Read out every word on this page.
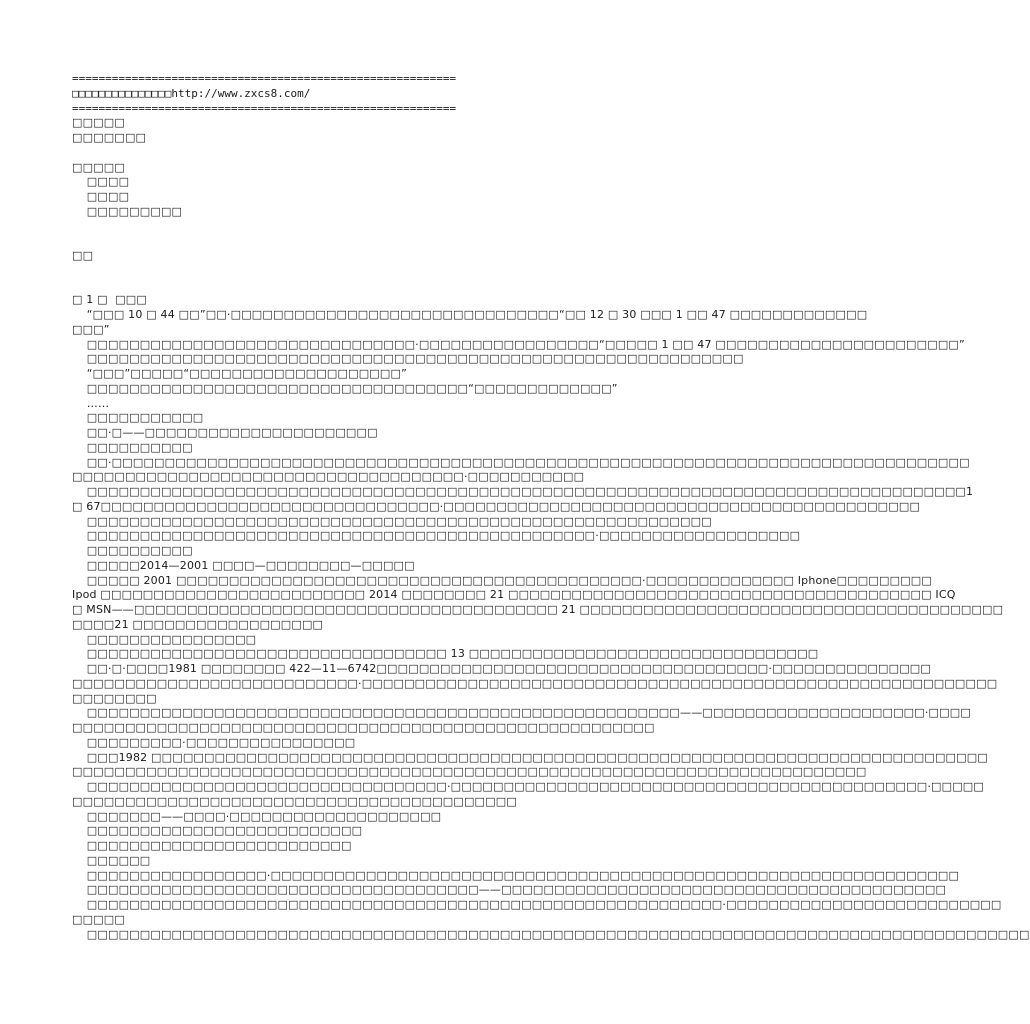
==========================================================
□□□□□□□□□□□□□□□http://www.zxcs8.com/
==========================================================
□□□□□
□□□□□□□
□□□□□
□□□□
□□□□
□□□□□□□□□
□□
□ 1 □  □□□
“□□□ 10 □ 44 □□”□□·□□□□□□□□□□□□□□□□□□□□□□□□□□□□□□□“□□ 12 □ 30 □□□ 1 □□ 47 □□□□□□□□□□□□□
□□□”
□□□□□□□□□□□□□□□□□□□□□□□□□□□□□□□·□□□□□□□□□□□□□□□□□“□□□□□ 1 □□ 47 □□□□□□□□□□□□□□□□□□□□□□□”
□□□□□□□□□□□□□□□□□□□□□□□□□□□□□□□□□□□□□□□□□□□□□□□□□□□□□□□□□□□□□□
“□□□”□□□□□“□□□□□□□□□□□□□□□□□□□□”
□□□□□□□□□□□□□□□□□□□□□□□□□□□□□□□□□□□□“□□□□□□□□□□□□□”
……
□□□□□□□□□□□
□□·□——□□□□□□□□□□□□□□□□□□□□□□
□□□□□□□□□□
□□·□□□□□□□□□□□□□□□□□□□□□□□□□□□□□□□□□□□□□□□□□□□□□□□□□□□□□□□□□□□□□□□□□□□□□□□□□□□□□□□□□
□□□□□□□□□□□□□□□□□□□□□□□□□□□□□□□□□□□□□·□□□□□□□□□□□
□□□□□□□□□□□□□□□□□□□□□□□□□□□□□□□□□□□□□□□□□□□□□□□□□□□□□□□□□□□□□□□□□□□□□□□□□□□□□□□□□□□1
□ 67□□□□□□□□□□□□□□□□□□□□□□□□□□□□□□□□·□□□□□□□□□□□□□□□□□□□□□□□□□□□□□□□□□□□□□□□□□□□□□
□□□□□□□□□□□□□□□□□□□□□□□□□□□□□□□□□□□□□□□□□□□□□□□□□□□□□□□□□□□
□□□□□□□□□□□□□□□□□□□□□□□□□□□□□□□□□□□□□□□□□□□□□□□□·□□□□□□□□□□□□□□□□□□□
□□□□□□□□□□
□□□□□2014—2001 □□□□—□□□□□□□□—□□□□□
□□□□□ 2001 □□□□□□□□□□□□□□□□□□□□□□□□□□□□□□□□□□□□□□□□□□□□·□□□□□□□□□□□□□□ Iphone□□□□□□□□□
Ipod □□□□□□□□□□□□□□□□□□□□□□□□□ 2014 □□□□□□□□ 21 □□□□□□□□□□□□□□□□□□□□□□□□□□□□□□□□□□□□□□□□ ICQ
□ MSN——□□□□□□□□□□□□□□□□□□□□□□□□□□□□□□□□□□□□□□□□ 21 □□□□□□□□□□□□□□□□□□□□□□□□□□□□□□□□□□□□□□□□
□□□□21 □□□□□□□□□□□□□□□□□□
□□□□□□□□□□□□□□□□
□□□□□□□□□□□□□□□□□□□□□□□□□□□□□□□□□□ 13 □□□□□□□□□□□□□□□□□□□□□□□□□□□□□□□□□
□□·□·□□□□1981 □□□□□□□□ 422—11—6742□□□□□□□□□□□□□□□□□□□□□□□□□□□□□□□□□□□□□·□□□□□□□□□□□□□□□
□□□□□□□□□□□□□□□□□□□□□□□□□□□·□□□□□□□□□□□□□□□□□□□□□□□□□□□□□□□□□□□□□□□□□□□□□□□□□□□□□□□□□□□□
□□□□□□□□
□□□□□□□□□□□□□□□□□□□□□□□□□□□□□□□□□□□□□□□□□□□□□□□□□□□□□□□□——□□□□□□□□□□□□□□□□□□□□□·□□□□
□□□□□□□□□□□□□□□□□□□□□□□□□□□□□□□□□□□□□□□□□□□□□□□□□□□□□□□
□□□□□□□□□·□□□□□□□□□□□□□□□□
□□□1982 □□□□□□□□□□□□□□□□□□□□□□□□□□□□□□□□□□□□□□□□□□□□□□□□□□□□□□□□□□□□□□□□□□□□□□□□□□□□□□□
□□□□□□□□□□□□□□□□□□□□□□□□□□□□□□□□□□□□□□□□□□□□□□□□□□□□□□□□□□□□□□□□□□□□□□□□□□□
□□□□□□□□□□□□□□□□□□□□□□□□□□□□□□□□□□·□□□□□□□□□□□□□□□□□□□□□□□□□□□□□□□□□□□□□□□□□□□□□·□□□□□
□□□□□□□□□□□□□□□□□□□□□□□□□□□□□□□□□□□□□□□□□□
□□□□□□□——□□□□·□□□□□□□□□□□□□□□□□□□□
□□□□□□□□□□□□□□□□□□□□□□□□□□
□□□□□□□□□□□□□□□□□□□□□□□□□
□□□□□□
□□□□□□□□□□□□□□□□□·□□□□□□□□□□□□□□□□□□□□□□□□□□□□□□□□□□□□□□□□□□□□□□□□□□□□□□□□□□□□□□□□□
□□□□□□□□□□□□□□□□□□□□□□□□□□□□□□□□□□□□□——□□□□□□□□□□□□□□□□□□□□□□□□□□□□□□□□□□□□□□□□□□
□□□□□□□□□□□□□□□□□□□□□□□□□□□□□□□□□□□□□□□□□□□□□□□□□□□□□□□□□□□□·□□□□□□□□□□□□□□□□□□□□□□□□□□
□□□□□
□□□□□□□□□□□□□□□□□□□□□□□□□□□□□□□□□□□□□□□□□□□□□□□□□□□□□□□□□□□□□□□□□□□□□□□□□□□□□□□□□□□□□□□□□
